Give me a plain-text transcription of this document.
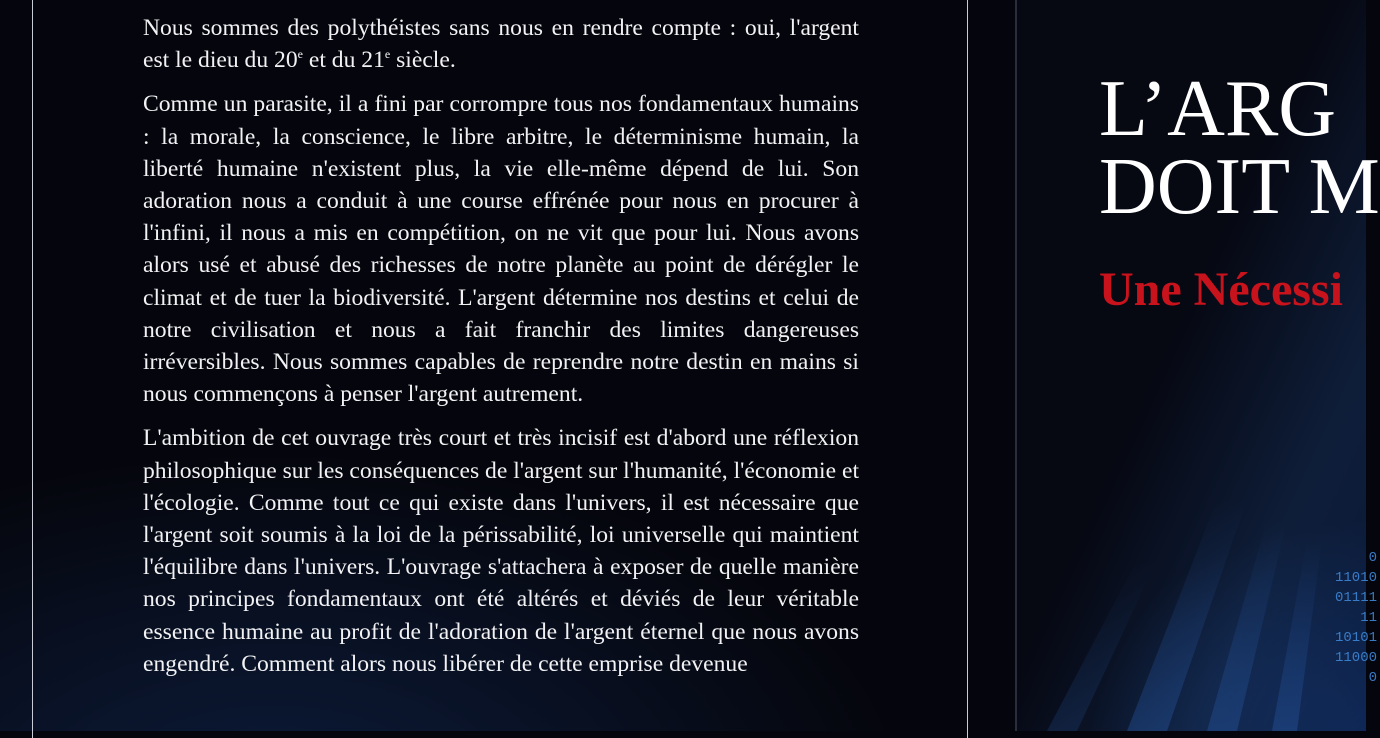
Nous sommes des polythéistes sans nous en rendre compte : oui, l'argent est le dieu du 20e et du 21e siècle.

Comme un parasite, il a fini par corrompre tous nos fondamentaux humains : la morale, la conscience, le libre arbitre, le déterminisme humain, la liberté humaine n'existent plus, la vie elle-même dépend de lui. Son adoration nous a conduit à une course effrénée pour nous en procurer à l'infini, il nous a mis en compétition, on ne vit que pour lui. Nous avons alors usé et abusé des richesses de notre planète au point de dérégler le climat et de tuer la biodiversité. L'argent détermine nos destins et celui de notre civilisation et nous a fait franchir des limites dangereuses irréversibles. Nous sommes capables de reprendre notre destin en mains si nous commençons à penser l'argent autrement.

L'ambition de cet ouvrage très court et très incisif est d'abord une réflexion philosophique sur les conséquences de l'argent sur l'humanité, l'économie et l'écologie. Comme tout ce qui existe dans l'univers, il est nécessaire que l'argent soit soumis à la loi de la périssabilité, loi universelle qui maintient l'équilibre dans l'univers. L'ouvrage s'attachera à exposer de quelle manière nos principes fondamentaux ont été altérés et déviés de leur véritable essence humaine au profit de l'adoration de l'argent éternel que nous avons engendré. Comment alors nous libérer de cette emprise devenue

L’ARG
DOIT M
Une Nécessi
0
11010
01111
11
10101
11000
0
